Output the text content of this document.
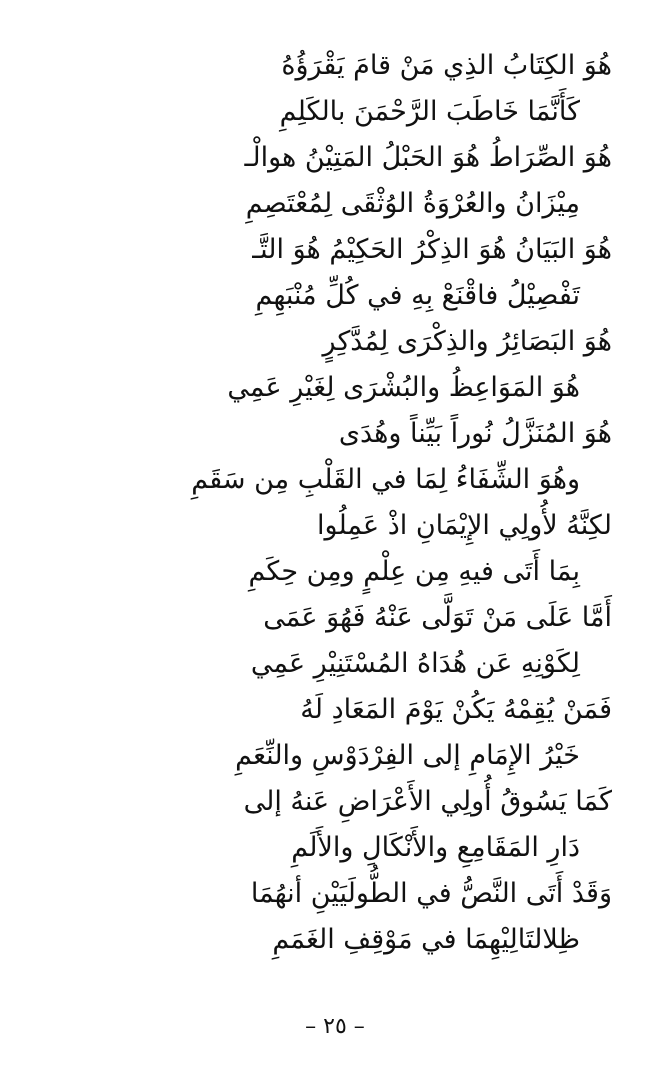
هُوَ الكِتَابُ الذِي مَنْ قامَ يَقْرَؤُهُ
كَأَنَّمَا خَاطَبَ الرَّحْمَنَ بالكَلِمِ
هُوَ الصِّرَاطُ هُوَ الحَبْلُ المَتِيْنُ هوالْـ
مِيْزَانُ والعُرْوَةُ الوُثْقَى لِمُعْتَصِمِ
هُوَ البَيَانُ هُوَ الذِكْرُ الحَكِيْمُ هُوَ التَّـ
تَفْصِيْلُ فاقْنَعْ بِهِ في كُلِّ مُنْبَهِمِ
هُوَ البَصَائِرُ والذِكْرَى لِمُدَّكِرٍ
هُوَ المَوَاعِظُ والبُشْرَى لِغَيْرِ عَمِي
هُوَ المُنَزَّلُ نُوراً بَيِّناً وهُدَى
وهُوَ الشِّفَاءُ لِمَا في القَلْبِ مِن سَقَمِ
لكِنَّهُ لأُولِي الإِيْمَانِ اذْ عَمِلُوا
بِمَا أَتَى فيهِ مِن عِلْمٍ ومِن حِكَمِ
أَمَّا عَلَى مَنْ تَوَلَّى عَنْهُ فَهُوَ عَمَى
لِكَوْنِهِ عَن هُدَاهُ المُسْتَنِيْرِ عَمِي
فَمَنْ يُقِمْهُ يَكُنْ يَوْمَ المَعَادِ لَهُ
خَيْرُ الإِمَامِ إلى الفِرْدَوْسِ والنِّعَمِ
كَمَا يَسُوقُ أُولِي الأَعْرَاضِ عَنهُ إلى
دَارِ المَقَامِعِ والأَنْكَالِ والأَلَمِ
وَقَدْ أَتَى النَّصُّ في الطُّولَيَيْنِ أنهُمَا
ظِلالتَالِيْهِمَا في مَوْقِفِ الغَمَمِ
– ٢٥ –
